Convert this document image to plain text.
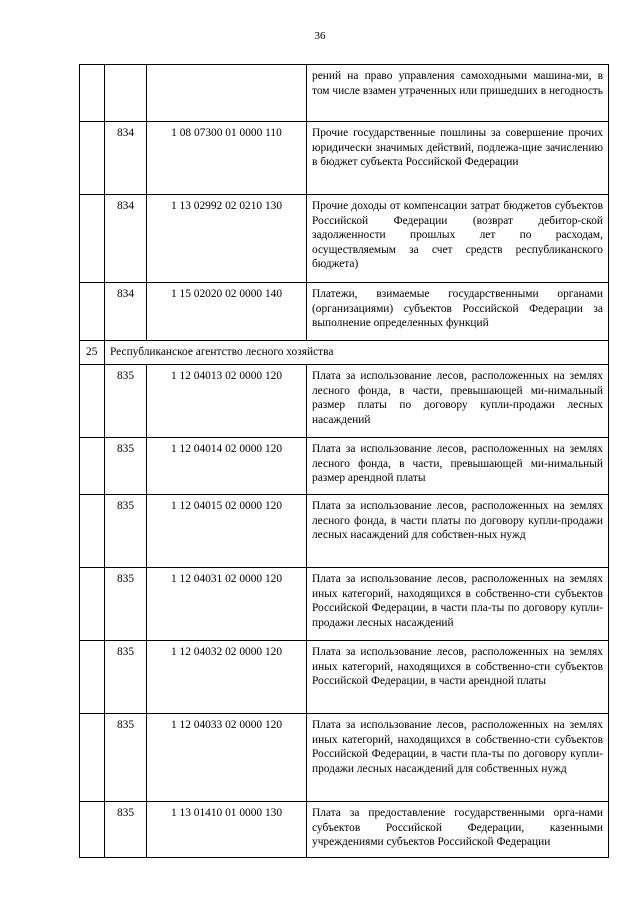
36
			рений на право управления самоходными машина-ми, в том числе взамен утраченных или пришедших в негодность
	834	1 08 07300 01 0000 110	Прочие государственные пошлины за совершение прочих юридически значимых действий, подлежа-щие зачислению в бюджет субъекта Российской Федерации
	834	1 13 02992 02 0210 130	Прочие доходы от компенсации затрат бюджетов субъектов Российской Федерации (возврат дебитор-ской задолженности прошлых лет по расходам, осуществляемым за счет средств республиканского бюджета)
	834	1 15 02020 02 0000 140	Платежи, взимаемые государственными органами (организациями) субъектов Российской Федерации за выполнение определенных функций
25	Республиканское агентство лесного хозяйства		
	835	1 12 04013 02 0000 120	Плата за использование лесов, расположенных на землях лесного фонда, в части, превышающей ми-нимальный размер платы по договору купли-продажи лесных насаждений
	835	1 12 04014 02 0000 120	Плата за использование лесов, расположенных на землях лесного фонда, в части, превышающей ми-нимальный размер арендной платы
	835	1 12 04015 02 0000 120	Плата за использование лесов, расположенных на землях лесного фонда, в части платы по договору купли-продажи лесных насаждений для собствен-ных нужд
	835	1 12 04031 02 0000 120	Плата за использование лесов, расположенных на землях иных категорий, находящихся в собственно-сти субъектов Российской Федерации, в части пла-ты по договору купли-продажи лесных насаждений
	835	1 12 04032 02 0000 120	Плата за использование лесов, расположенных на землях иных категорий, находящихся в собственно-сти субъектов Российской Федерации, в части арендной платы
	835	1 12 04033 02 0000 120	Плата за использование лесов, расположенных на землях иных категорий, находящихся в собственно-сти субъектов Российской Федерации, в части пла-ты по договору купли-продажи лесных насаждений для собственных нужд
	835	1 13 01410 01 0000 130	Плата за предоставление государственными орга-нами субъектов Российской Федерации, казенными учреждениями субъектов Российской Федерации
